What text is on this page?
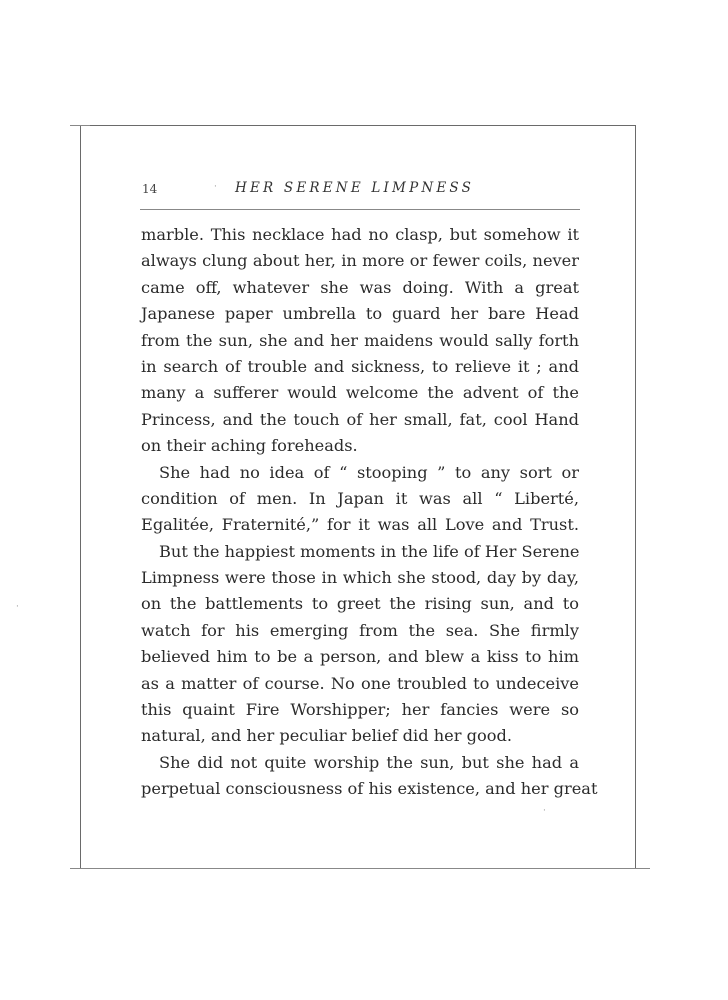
14	HER SERENE LIMPNESS
marble. This necklace had no clasp, but somehow it
always clung about her, in more or fewer coils, never
came off, whatever she was doing. With a great
Japanese paper umbrella to guard her bare Head
from the sun, she and her maidens would sally forth
in search of trouble and sickness, to relieve it ; and
many a sufferer would welcome the advent of the
Princess, and the touch of her small, fat, cool Hand
on their aching foreheads.
She had no idea of “ stooping ” to any sort or
condition of men. In Japan it was all “ Liberté,
Egalitée, Fraternité,” for it was all Love and Trust.
But the happiest moments in the life of Her Serene
Limpness were those in which she stood, day by day,
on the battlements to greet the rising sun, and to
watch for his emerging from the sea. She firmly
believed him to be a person, and blew a kiss to him
as a matter of course. No one troubled to undeceive
this quaint Fire Worshipper; her fancies were so
natural, and her peculiar belief did her good.
She did not quite worship the sun, but she had a
perpetual consciousness of his existence, and her great
·
·
·
